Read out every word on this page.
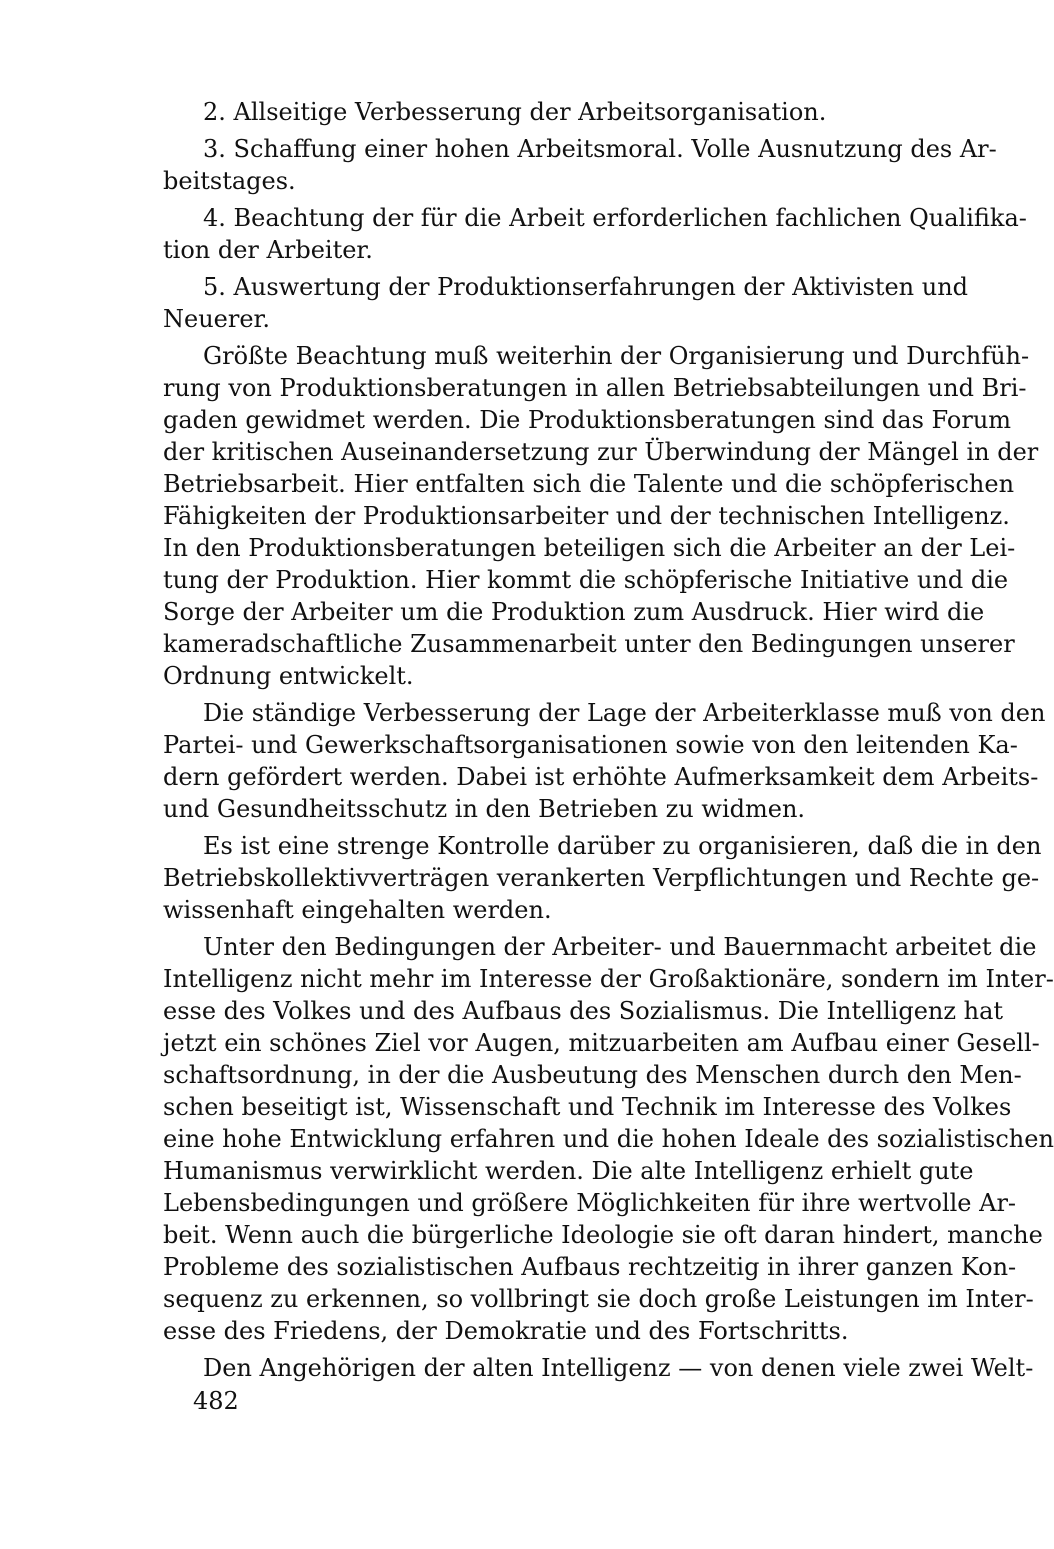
2. Allseitige Verbesserung der Arbeitsorganisation.
3. Schaffung einer hohen Arbeitsmoral. Volle Ausnutzung des Ar-
beitstages.
4. Beachtung der für die Arbeit erforderlichen fachlichen Qualifika-
tion der Arbeiter.
5. Auswertung der Produktionserfahrungen der Aktivisten und
Neuerer.
Größte Beachtung muß weiterhin der Organisierung und Durchfüh-
rung von Produktionsberatungen in allen Betriebsabteilungen und Bri-
gaden gewidmet werden. Die Produktionsberatungen sind das Forum
der kritischen Auseinandersetzung zur Überwindung der Mängel in der
Betriebsarbeit. Hier entfalten sich die Talente und die schöpferischen
Fähigkeiten der Produktionsarbeiter und der technischen Intelligenz.
In den Produktionsberatungen beteiligen sich die Arbeiter an der Lei-
tung der Produktion. Hier kommt die schöpferische Initiative und die
Sorge der Arbeiter um die Produktion zum Ausdruck. Hier wird die
kameradschaftliche Zusammenarbeit unter den Bedingungen unserer
Ordnung entwickelt.
Die ständige Verbesserung der Lage der Arbeiterklasse muß von den
Partei- und Gewerkschaftsorganisationen sowie von den leitenden Ka-
dern gefördert werden. Dabei ist erhöhte Aufmerksamkeit dem Arbeits-
und Gesundheitsschutz in den Betrieben zu widmen.
Es ist eine strenge Kontrolle darüber zu organisieren, daß die in den
Betriebskollektivverträgen verankerten Verpflichtungen und Rechte ge-
wissenhaft eingehalten werden.
Unter den Bedingungen der Arbeiter- und Bauernmacht arbeitet die
Intelligenz nicht mehr im Interesse der Großaktionäre, sondern im Inter-
esse des Volkes und des Aufbaus des Sozialismus. Die Intelligenz hat
jetzt ein schönes Ziel vor Augen, mitzuarbeiten am Aufbau einer Gesell-
schaftsordnung, in der die Ausbeutung des Menschen durch den Men-
schen beseitigt ist, Wissenschaft und Technik im Interesse des Volkes
eine hohe Entwicklung erfahren und die hohen Ideale des sozialistischen
Humanismus verwirklicht werden. Die alte Intelligenz erhielt gute
Lebensbedingungen und größere Möglichkeiten für ihre wertvolle Ar-
beit. Wenn auch die bürgerliche Ideologie sie oft daran hindert, manche
Probleme des sozialistischen Aufbaus rechtzeitig in ihrer ganzen Kon-
sequenz zu erkennen, so vollbringt sie doch große Leistungen im Inter-
esse des Friedens, der Demokratie und des Fortschritts.
Den Angehörigen der alten Intelligenz — von denen viele zwei Welt-
482
